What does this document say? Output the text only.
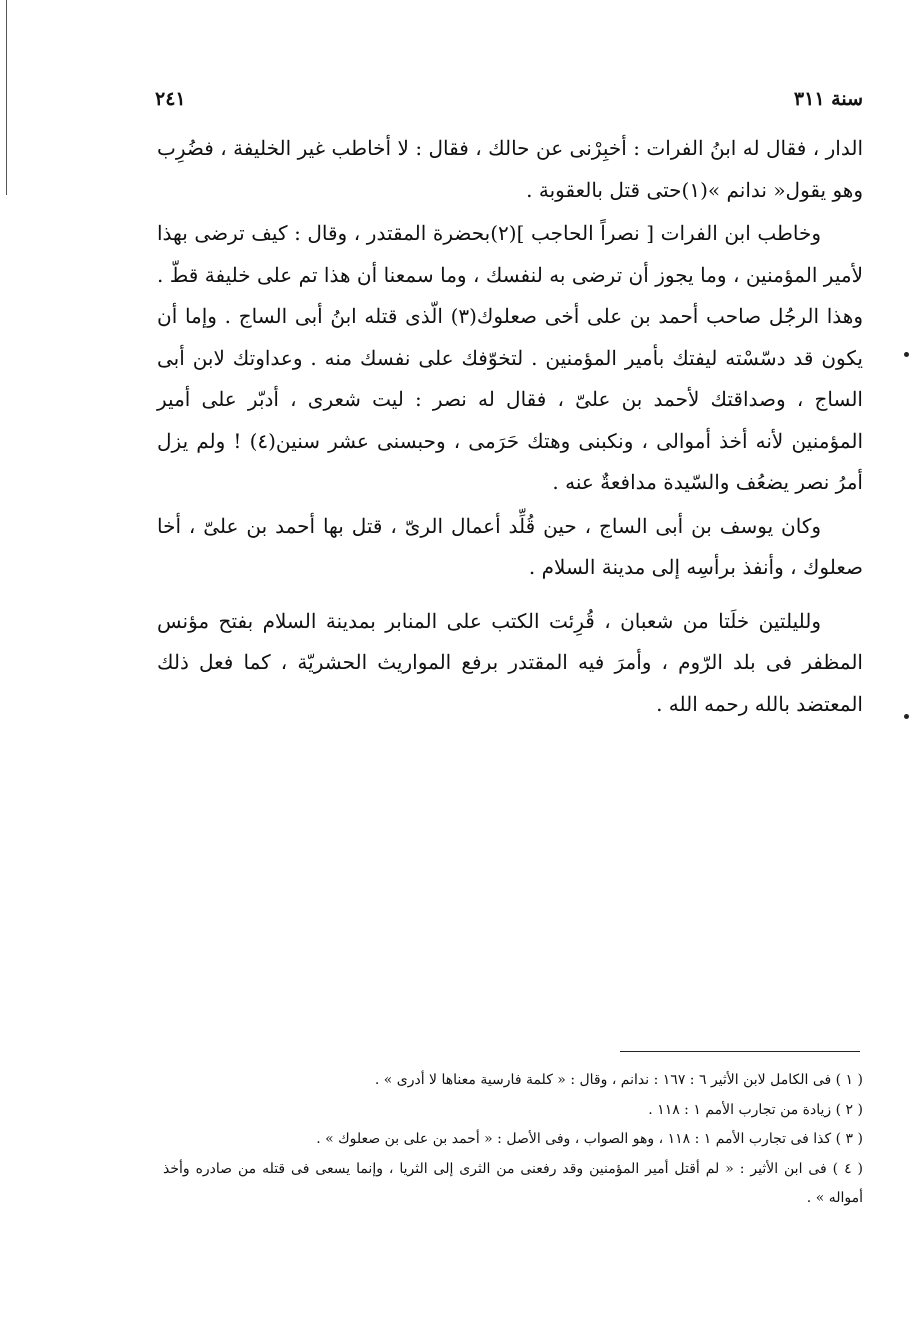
سنة ٣١١
٢٤١

الدار ، فقال له ابنُ الفرات : أخبِرْنى عن حالك ، فقال : لا أخاطب غير الخليفة ، فضُرِب وهو يقول« ندانم »(١)حتى قتل بالعقوبة .

وخاطب ابن الفرات [ نصراً الحاجب ](٢)بحضرة المقتدر ، وقال : كيف ترضى بهذا لأمير المؤمنين ، وما يجوز أن ترضى به لنفسك ، وما سمعنا أن هذا تم على خليفة قطّ . وهذا الرجُل صاحب أحمد بن على أخى صعلوك(٣) الّذى قتله ابنُ أبى الساج . وإما أن يكون قد دسّسْته ليفتك بأمير المؤمنين . لتخوّفك على نفسك منه . وعداوتك لابن أبى الساج ، وصداقتك لأحمد بن علىّ ، فقال له نصر : ليت شعرى ، أدبّر على أمير المؤمنين لأنه أخذ أموالى ، ونكبنى وهتك حَرَمى ، وحبسنى عشر سنين(٤) ! ولم يزل أمرُ نصر يضعُف والسّيدة مدافعةٌ عنه .

وكان يوسف بن أبى الساج ، حين قُلِّد أعمال الرىّ ، قتل بها أحمد بن علىّ ، أخا صعلوك ، وأنفذ برأسِه إلى مدينة السلام .

ولليلتين خلَتا من شعبان ، قُرِئت الكتب على المنابر بمدينة السلام بفتح مؤنس المظفر فى بلد الرّوم ، وأمرَ فيه المقتدر برفع المواريث الحشريّة ، كما فعل ذلك المعتضد بالله رحمه الله .

( ١ ) فى الكامل لابن الأثير ٦ : ١٦٧ : ندانم ، وقال : « كلمة فارسية معناها لا أدرى » .

( ٢ ) زيادة من تجارب الأمم ١ : ١١٨ .

( ٣ ) كذا فى تجارب الأمم ١ : ١١٨ ، وهو الصواب ، وفى الأصل : « أحمد بن على بن صعلوك » .

( ٤ ) فى ابن الأثير : « لم أقتل أمير المؤمنين وقد رفعنى من الثرى إلى الثريا ، وإنما يسعى فى قتله من صادره وأخذ أمواله » .
